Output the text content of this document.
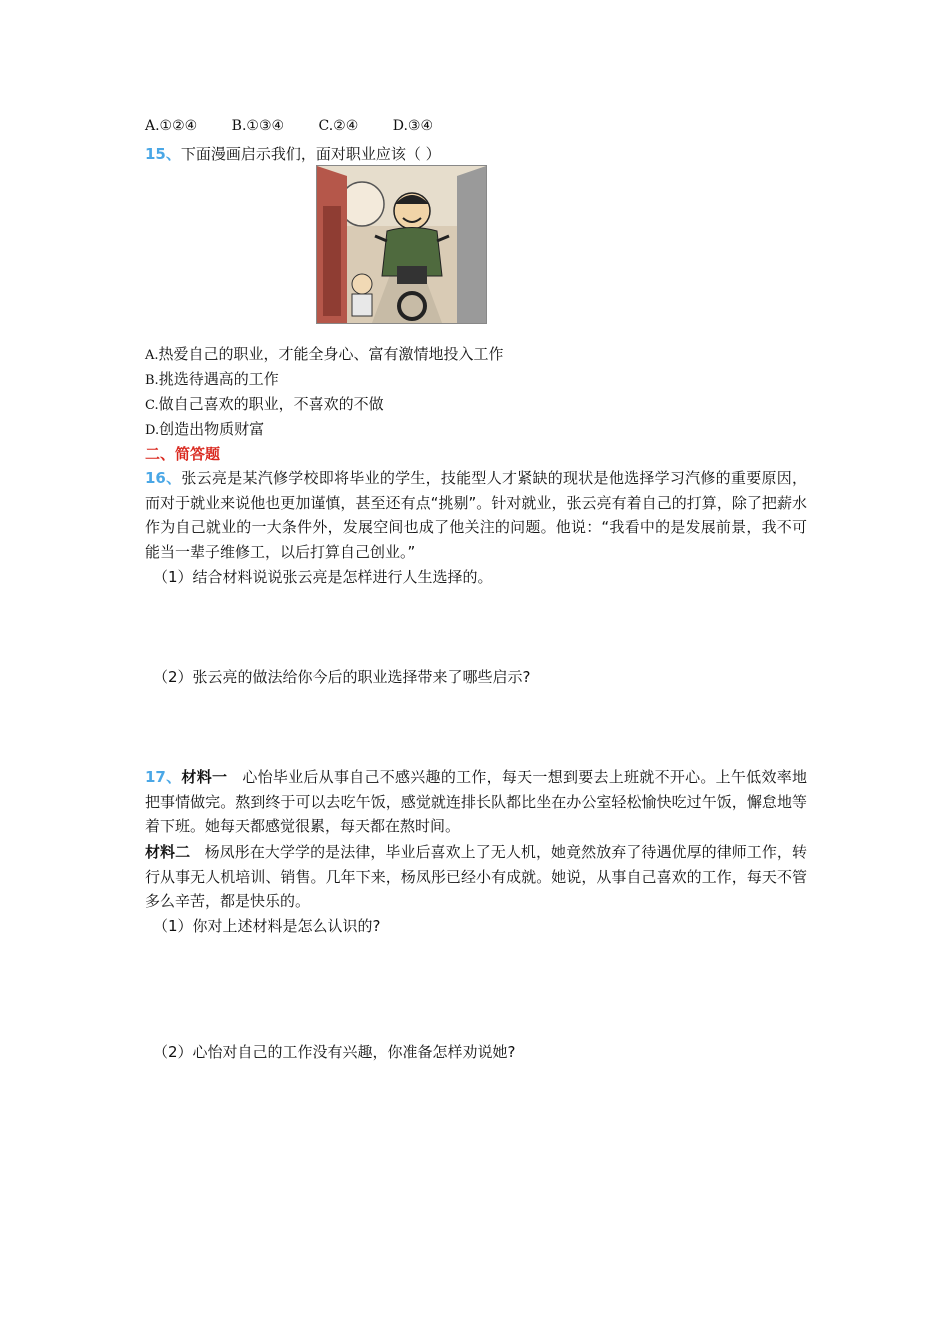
A.①②④ B.①③④ C.②④ D.③④
15、下面漫画启示我们，面对职业应该（ ）
A.热爱自己的职业，才能全身心、富有激情地投入工作
B.挑选待遇高的工作
C.做自己喜欢的职业，不喜欢的不做
D.创造出物质财富
二、简答题
16、张云亮是某汽修学校即将毕业的学生，技能型人才紧缺的现状是他选择学习汽修的重要原因，而对于就业来说他也更加谨慎，甚至还有点“挑剔”。针对就业，张云亮有着自己的打算，除了把薪水作为自己就业的一大条件外，发展空间也成了他关注的问题。他说：“我看中的是发展前景，我不可能当一辈子维修工，以后打算自己创业。”
（1）结合材料说说张云亮是怎样进行人生选择的。
（2）张云亮的做法给你今后的职业选择带来了哪些启示?
17、材料一 心怡毕业后从事自己不感兴趣的工作，每天一想到要去上班就不开心。上午低效率地把事情做完。熬到终于可以去吃午饭，感觉就连排长队都比坐在办公室轻松愉快吃过午饭，懈怠地等着下班。她每天都感觉很累，每天都在熬时间。
材料二 杨凤彤在大学学的是法律，毕业后喜欢上了无人机，她竟然放弃了待遇优厚的律师工作，转行从事无人机培训、销售。几年下来，杨凤彤已经小有成就。她说，从事自己喜欢的工作，每天不管多么辛苦，都是快乐的。
（1）你对上述材料是怎么认识的?
（2）心怡对自己的工作没有兴趣，你准备怎样劝说她?
